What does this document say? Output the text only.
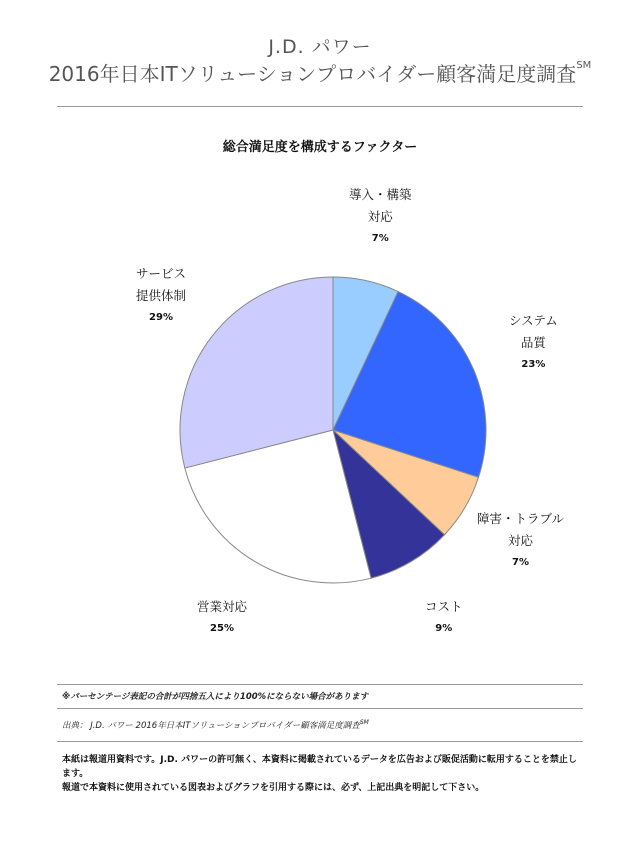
J.D. パワー
2016年日本ITソリューションプロバイダー顧客満足度調査℠
総合満足度を構成するファクター
導入・構築
対応
7%
システム
品質
23%
障害・トラブル
対応
7%
コスト
9%
営業対応
25%
サービス
提供体制
29%
※パーセンテージ表記の合計が四捨五入により100%にならない場合があります
出典： J.D. パワー 2016年日本ITソリューションプロバイダー顧客満足度調査℠

本紙は報道用資料です。J.D. パワーの許可無く、本資料に掲載されているデータを広告および販促活動に転用することを禁止します。

報道で本資料に使用されている図表およびグラフを引用する際には、必ず、上記出典を明記して下さい。
